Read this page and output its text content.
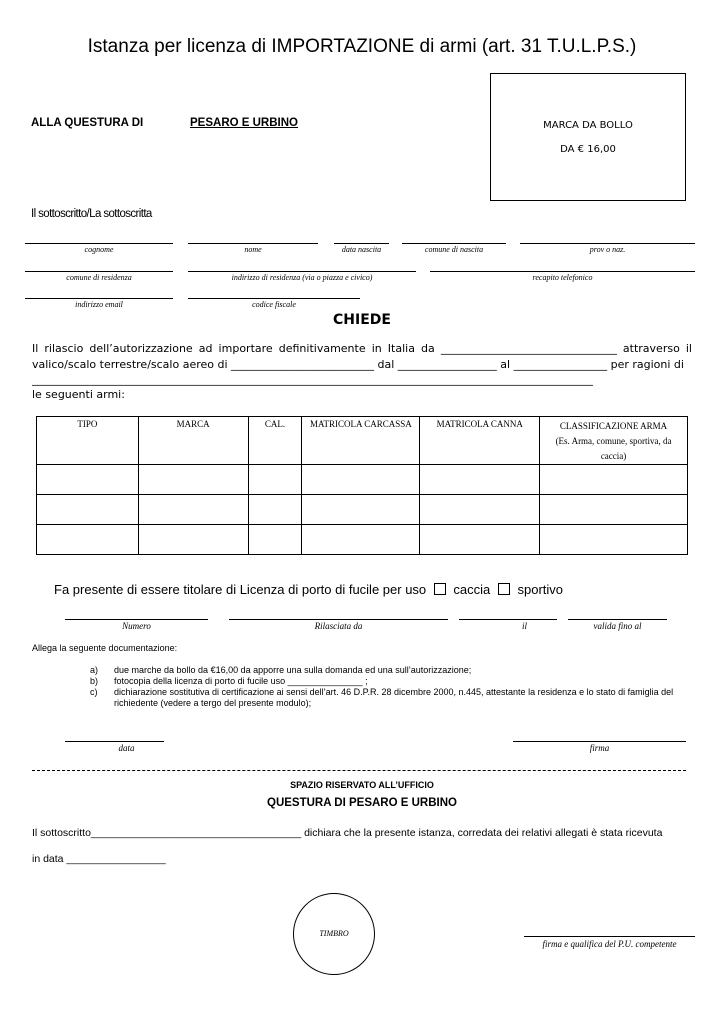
Istanza per licenza di IMPORTAZIONE di armi (art. 31 T.U.L.P.S.)
ALLA QUESTURA DI	PESARO E URBINO	MARCA DA BOLLO
DA € 16,00
Il sottoscritto/La sottoscritta
cognome	nome	data nascita	comune di nascita	prov o naz.
comune di residenza	indirizzo di residenza (via o piazza e civico)	recapito telefonico
indirizzo email	codice fiscale
CHIEDE
Il rilascio dell’autorizzazione ad importare definitivamente in Italia da ________________________________ attraverso il
valico/scalo terrestre/scalo aereo di __________________________ dal __________________ al _________________ per ragioni di
______________________________________________________________________________________________________
le seguenti armi:
TIPO	MARCA	CAL.	MATRICOLA CARCASSA	MATRICOLA CANNA	CLASSIFICAZIONE ARMA
(Es. Arma, comune, sportiva, da caccia)

Fa presente di essere titolare di Licenza di porto di fucile per uso caccia sportivo
Numero	Rilasciata da	il	valida fino al
Allega la seguente documentazione:
a) due marche da bollo da €16,00 da apporre una sulla domanda ed una sull’autorizzazione;
b) fotocopia della licenza di porto di fucile uso _______________ ;
c) dichiarazione sostitutiva di certificazione ai sensi dell’art. 46 D.P.R. 28 dicembre 2000, n.445, attestante la residenza e lo stato di famiglia del richiedente (vedere a tergo del presente modulo);
data	firma
SPAZIO RISERVATO ALL’UFFICIO
QUESTURA DI PESARO E URBINO
Il sottoscritto____________________________________ dichiara che la presente istanza, corredata dei relativi allegati è stata ricevuta
in data _________________
TIMBRO
firma e qualifica del P.U. competente
